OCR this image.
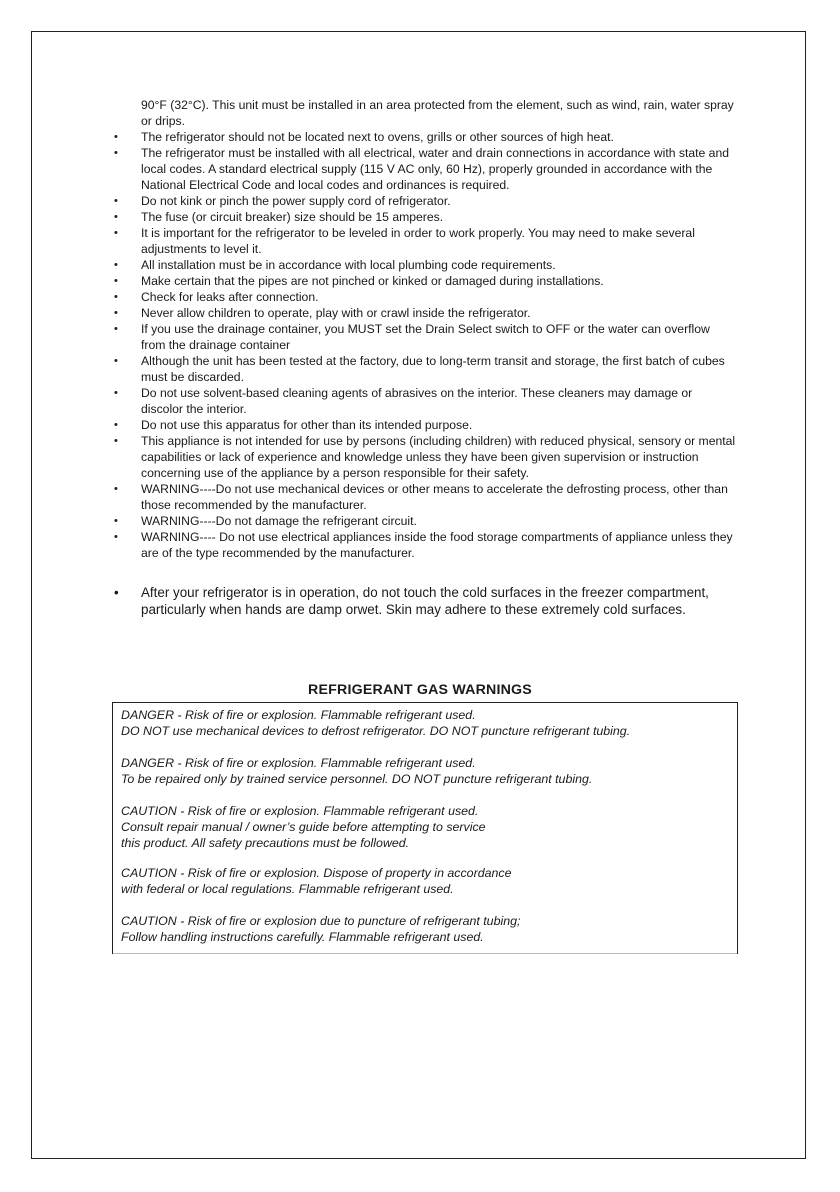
90°F (32°C). This unit must be installed in an area protected from the element, such as wind, rain, water spray or drips.

• The refrigerator should not be located next to ovens, grills or other sources of high heat.
• The refrigerator must be installed with all electrical, water and drain connections in accordance with state and local codes. A standard electrical supply (115 V AC only, 60 Hz), properly grounded in accordance with the National Electrical Code and local codes and ordinances is required.
• Do not kink or pinch the power supply cord of refrigerator.
• The fuse (or circuit breaker) size should be 15 amperes.
• It is important for the refrigerator to be leveled in order to work properly. You may need to make several adjustments to level it.
• All installation must be in accordance with local plumbing code requirements.
• Make certain that the pipes are not pinched or kinked or damaged during installations.
• Check for leaks after connection.
• Never allow children to operate, play with or crawl inside the refrigerator.
• If you use the drainage container, you MUST set the Drain Select switch to OFF or the water can overflow from the drainage container
• Although the unit has been tested at the factory, due to long-term transit and storage, the first batch of cubes must be discarded.
• Do not use solvent-based cleaning agents of abrasives on the interior. These cleaners may damage or discolor the interior.
• Do not use this apparatus for other than its intended purpose.
• This appliance is not intended for use by persons (including children) with reduced physical, sensory or mental capabilities or lack of experience and knowledge unless they have been given supervision or instruction concerning use of the appliance by a person responsible for their safety.
• WARNING----Do not use mechanical devices or other means to accelerate the defrosting process, other than those recommended by the manufacturer.
• WARNING----Do not damage the refrigerant circuit.
• WARNING---- Do not use electrical appliances inside the food storage compartments of appliance unless they are of the type recommended by the manufacturer.
• After your refrigerator is in operation, do not touch the cold surfaces in the freezer compartment, particularly when hands are damp orwet. Skin may adhere to these extremely cold surfaces.
REFRIGERANT GAS WARNINGS
DANGER - Risk of fire or explosion. Flammable refrigerant used.
DO NOT use mechanical devices to defrost refrigerator. DO NOT puncture refrigerant tubing.
DANGER - Risk of fire or explosion. Flammable refrigerant used.
To be repaired only by trained service personnel. DO NOT puncture refrigerant tubing.
CAUTION - Risk of fire or explosion. Flammable refrigerant used.
Consult repair manual / owner’s guide before attempting to service
this product. All safety precautions must be followed.
CAUTION - Risk of fire or explosion. Dispose of property in accordance
with federal or local regulations. Flammable refrigerant used.
CAUTION - Risk of fire or explosion due to puncture of refrigerant tubing;
Follow handling instructions carefully. Flammable refrigerant used.
